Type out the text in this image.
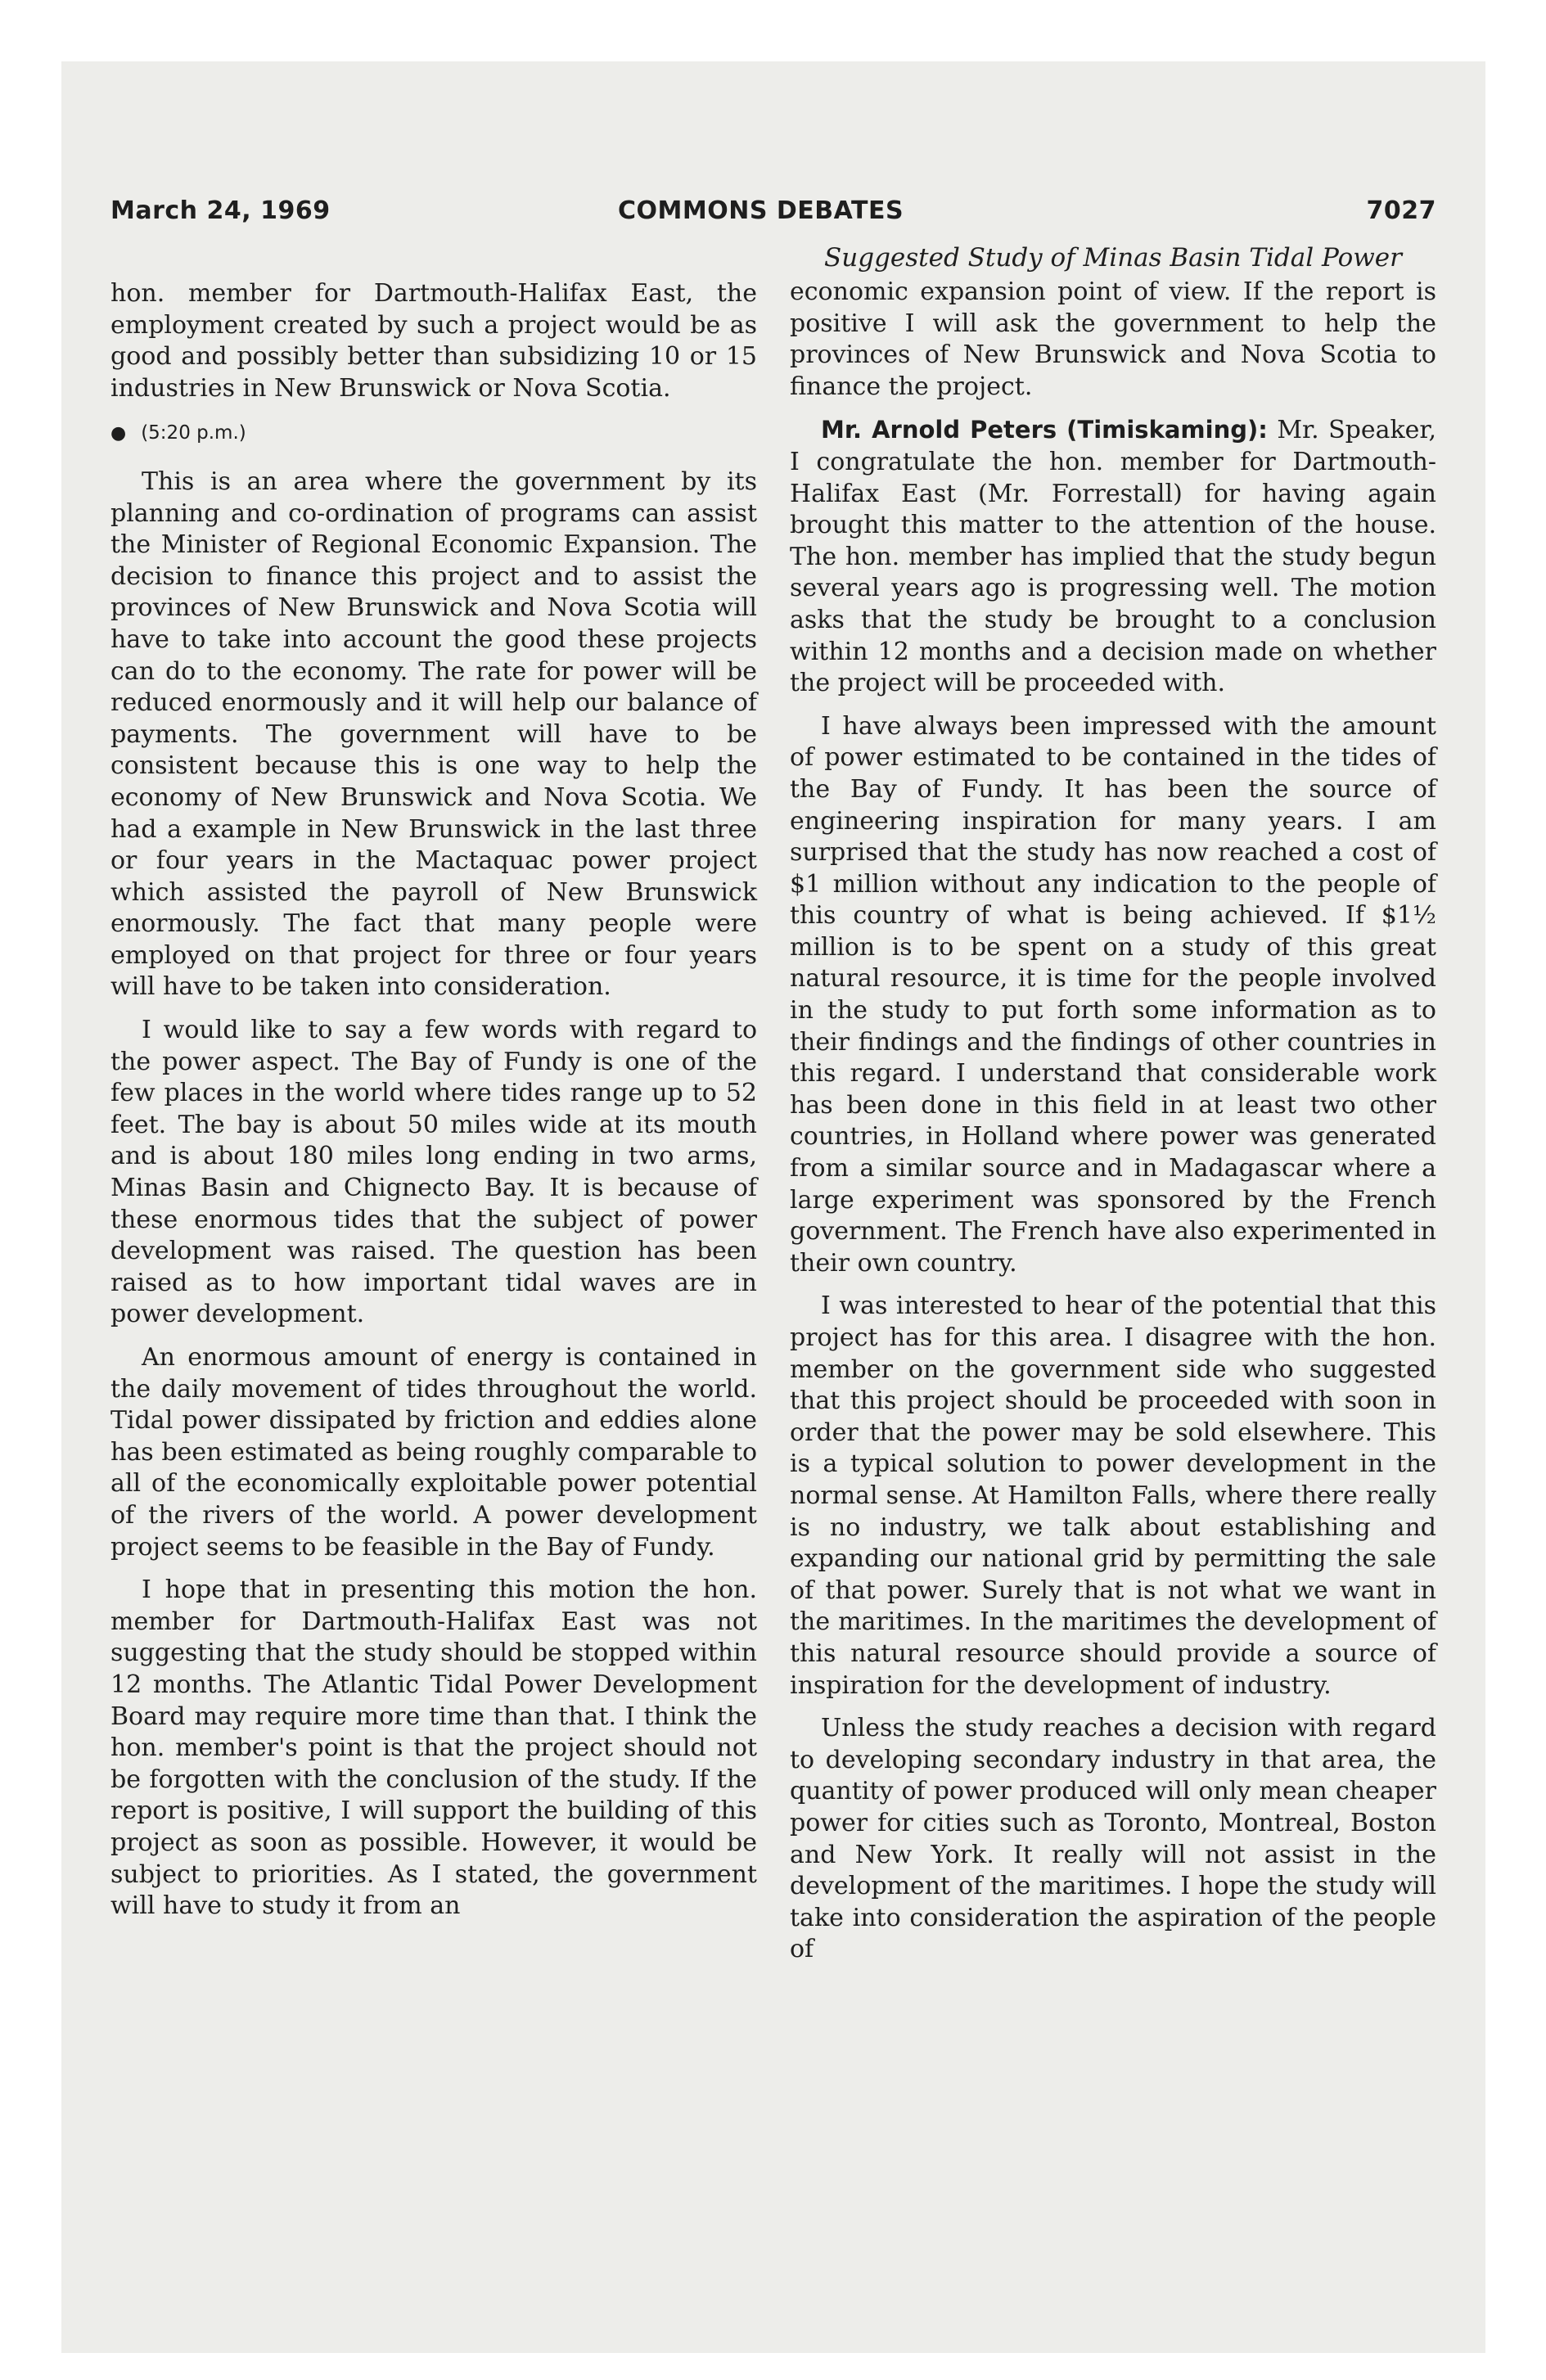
March 24, 1969	COMMONS DEBATES	7027

hon. member for Dartmouth-Halifax East, the employment created by such a project would be as good and possibly better than subsidizing 10 or 15 industries in New Brunswick or Nova Scotia.

● (5:20 p.m.)

This is an area where the government by its planning and co-ordination of programs can assist the Minister of Regional Economic Expansion. The decision to finance this project and to assist the provinces of New Brunswick and Nova Scotia will have to take into account the good these projects can do to the economy. The rate for power will be reduced enormously and it will help our balance of payments. The government will have to be consistent because this is one way to help the economy of New Brunswick and Nova Scotia. We had a example in New Brunswick in the last three or four years in the Mactaquac power project which assisted the payroll of New Brunswick enormously. The fact that many people were employed on that project for three or four years will have to be taken into consideration.

I would like to say a few words with regard to the power aspect. The Bay of Fundy is one of the few places in the world where tides range up to 52 feet. The bay is about 50 miles wide at its mouth and is about 180 miles long ending in two arms, Minas Basin and Chignecto Bay. It is because of these enormous tides that the subject of power development was raised. The question has been raised as to how important tidal waves are in power development.

An enormous amount of energy is contained in the daily movement of tides throughout the world. Tidal power dissipated by friction and eddies alone has been estimated as being roughly comparable to all of the economically exploitable power potential of the rivers of the world. A power development project seems to be feasible in the Bay of Fundy.

I hope that in presenting this motion the hon. member for Dartmouth-Halifax East was not suggesting that the study should be stopped within 12 months. The Atlantic Tidal Power Development Board may require more time than that. I think the hon. member's point is that the project should not be forgotten with the conclusion of the study. If the report is positive, I will support the building of this project as soon as possible. However, it would be subject to priorities. As I stated, the government will have to study it from an

Suggested Study of Minas Basin Tidal Power

economic expansion point of view. If the report is positive I will ask the government to help the provinces of New Brunswick and Nova Scotia to finance the project.

Mr. Arnold Peters (Timiskaming): Mr. Speaker, I congratulate the hon. member for Dartmouth-Halifax East (Mr. Forrestall) for having again brought this matter to the attention of the house. The hon. member has implied that the study begun several years ago is progressing well. The motion asks that the study be brought to a conclusion within 12 months and a decision made on whether the project will be proceeded with.

I have always been impressed with the amount of power estimated to be contained in the tides of the Bay of Fundy. It has been the source of engineering inspiration for many years. I am surprised that the study has now reached a cost of $1 million without any indication to the people of this country of what is being achieved. If $1½ million is to be spent on a study of this great natural resource, it is time for the people involved in the study to put forth some information as to their findings and the findings of other countries in this regard. I understand that considerable work has been done in this field in at least two other countries, in Holland where power was generated from a similar source and in Madagascar where a large experiment was sponsored by the French government. The French have also experimented in their own country.

I was interested to hear of the potential that this project has for this area. I disagree with the hon. member on the government side who suggested that this project should be proceeded with soon in order that the power may be sold elsewhere. This is a typical solution to power development in the normal sense. At Hamilton Falls, where there really is no industry, we talk about establishing and expanding our national grid by permitting the sale of that power. Surely that is not what we want in the maritimes. In the maritimes the development of this natural resource should provide a source of inspiration for the development of industry.

Unless the study reaches a decision with regard to developing secondary industry in that area, the quantity of power produced will only mean cheaper power for cities such as Toronto, Montreal, Boston and New York. It really will not assist in the development of the maritimes. I hope the study will take into consideration the aspiration of the people of
